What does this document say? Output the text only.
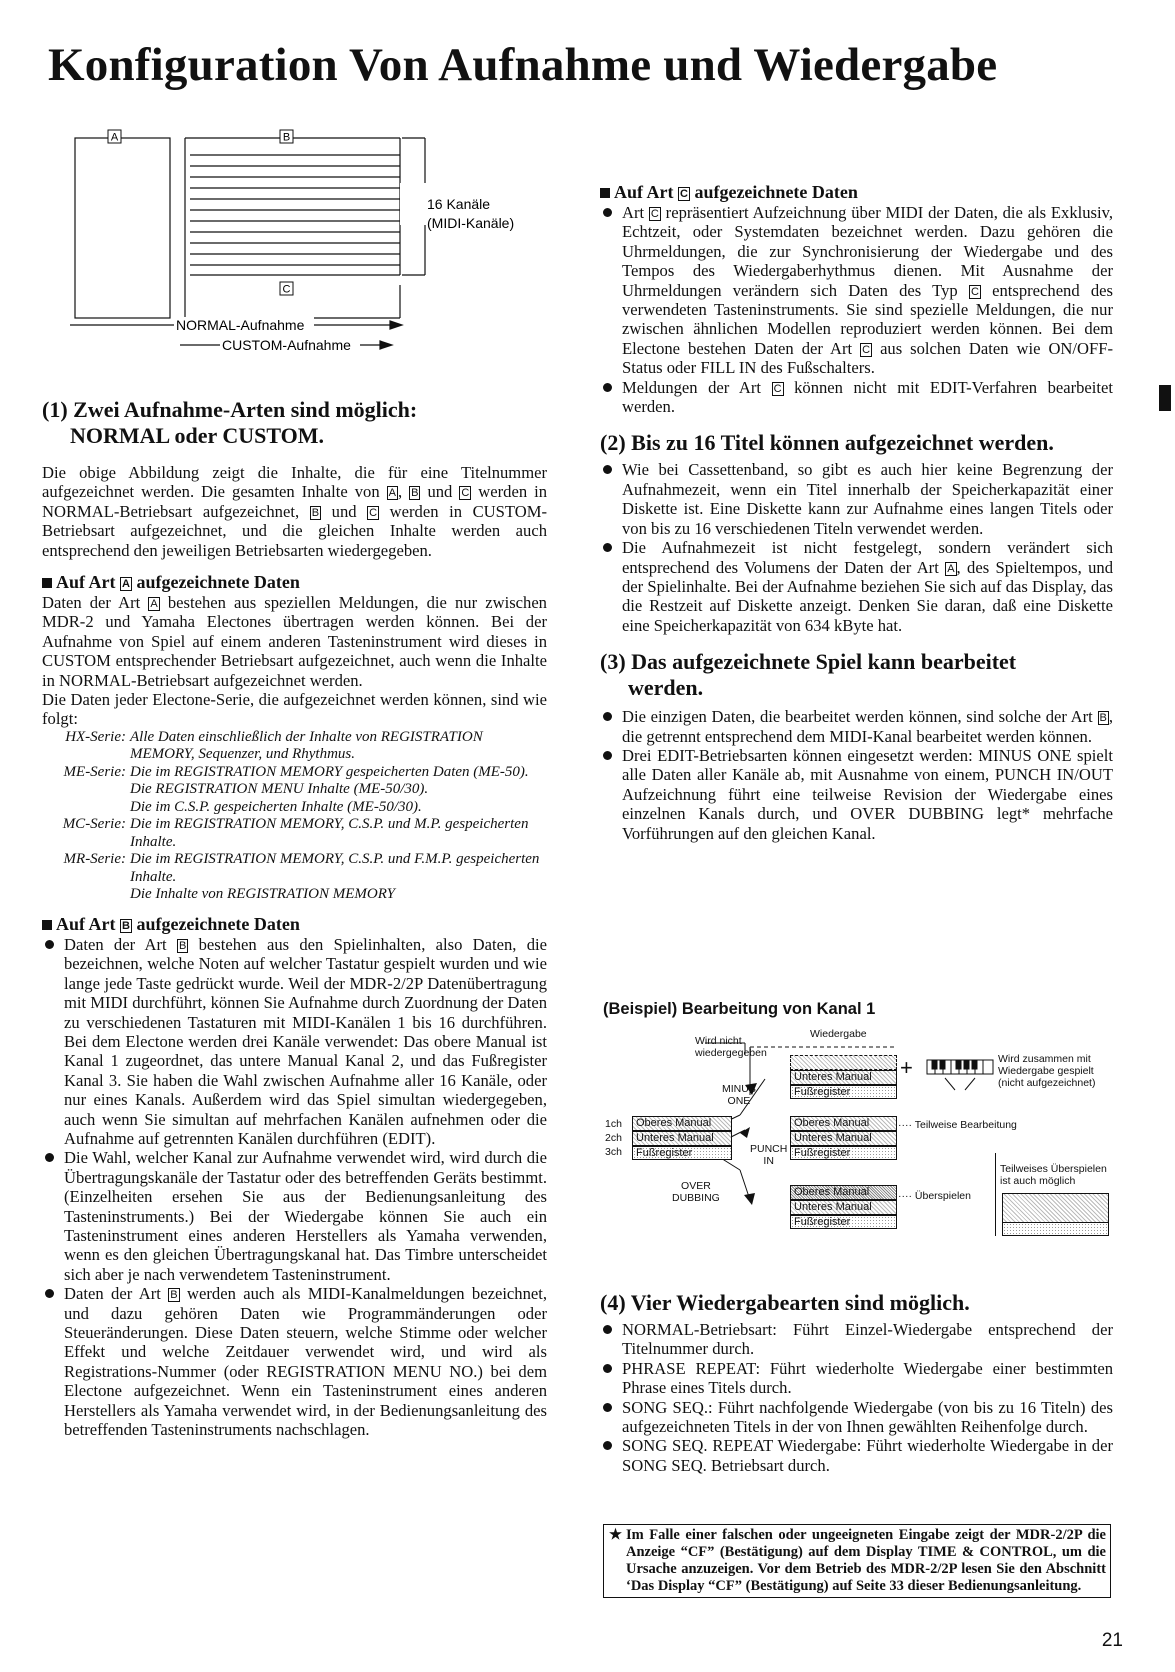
Konfiguration Von Aufnahme und Wiedergabe
A	B
C
16 Kanäle
(MIDI-Kanäle)
NORMAL-Aufnahme
CUSTOM-Aufnahme
(1) Zwei Aufnahme-Arten sind möglich:
NORMAL oder CUSTOM.

Die obige Abbildung zeigt die Inhalte, die für eine Titelnummer aufgezeichnet werden. Die gesamten Inhalte von A , B und C werden in NORMAL-Betriebsart aufgezeichnet, B und C werden in CUSTOM-Betriebsart aufgezeichnet, und die gleichen Inhalte werden auch entsprechend den jeweiligen Betriebsarten wiedergegeben.

Auf Art A aufgezeichnete Daten

Daten der Art A bestehen aus speziellen Meldungen, die nur zwischen MDR-2 und Yamaha Electones übertragen werden können. Bei der Aufnahme von Spiel auf einem anderen Tasteninstrument wird dieses in CUSTOM entsprechender Betriebsart aufgezeichnet, auch wenn die Inhalte in NORMAL-Betriebsart aufgezeichnet werden.

Die Daten jeder Electone-Serie, die aufgezeichnet werden können, sind wie folgt:

HX-Serie: Alle Daten einschließlich der Inhalte von REGISTRATION MEMORY, Sequenzer, und Rhythmus.
ME-Serie: Die im REGISTRATION MEMORY gespeicherten Daten (ME-50).
Die REGISTRATION MENU Inhalte (ME-50/30).
Die im C.S.P. gespeicherten Inhalte (ME-50/30).
MC-Serie: Die im REGISTRATION MEMORY, C.S.P. und M.P. gespeicherten Inhalte.
MR-Serie: Die im REGISTRATION MEMORY, C.S.P. und F.M.P. gespeicherten Inhalte.
Die Inhalte von REGISTRATION MEMORY
Auf Art B aufgezeichnete Daten
Daten der Art B bestehen aus den Spielinhalten, also Daten, die bezeichnen, welche Noten auf welcher Tastatur gespielt wurden und wie lange jede Taste gedrückt wurde. Weil der MDR-2/2P Datenübertragung mit MIDI durchführt, können Sie Aufnahme durch Zuordnung der Daten zu verschiedenen Tastaturen mit MIDI-Kanälen 1 bis 16 durchführen. Bei dem Electone werden drei Kanäle verwendet: Das obere Manual ist Kanal 1 zugeordnet, das untere Manual Kanal 2, und das Fußregister Kanal 3. Sie haben die Wahl zwischen Aufnahme aller 16 Kanäle, oder nur eines Kanals. Außerdem wird das Spiel simultan wiedergegeben, auch wenn Sie simultan auf mehrfachen Kanälen aufnehmen oder die Aufnahme auf getrennten Kanälen durchführen (EDIT).
Die Wahl, welcher Kanal zur Aufnahme verwendet wird, wird durch die Übertragungskanäle der Tastatur oder des betreffenden Geräts bestimmt. (Einzelheiten ersehen Sie aus der Bedienungsanleitung des Tasteninstruments.) Bei der Wiedergabe können Sie auch ein Tasteninstrument eines anderen Herstellers als Yamaha verwenden, wenn es den gleichen Übertragungskanal hat. Das Timbre unterscheidet sich aber je nach verwendetem Tasteninstrument.
Daten der Art B werden auch als MIDI-Kanalmeldungen bezeichnet, und dazu gehören Daten wie Programmänderungen oder Steueränderungen. Diese Daten steuern, welche Stimme oder welcher Effekt und welche Zeitdauer verwendet wird, und wird als Registrations-Nummer (oder REGISTRATION MENU NO.) bei dem Electone aufgezeichnet. Wenn ein Tasteninstrument eines anderen Herstellers als Yamaha verwendet wird, in der Bedienungsanleitung des betreffenden Tasteninstruments nachschlagen.
Auf Art C aufgezeichnete Daten
Art C repräsentiert Aufzeichnung über MIDI der Daten, die als Exklusiv, Echtzeit, oder Systemdaten bezeichnet werden. Dazu gehören die Uhrmeldungen, die zur Synchronisierung der Wiedergabe und des Tempos des Wiedergaberhythmus dienen. Mit Ausnahme der Uhrmeldungen verändern sich Daten des Typ C entsprechend des verwendeten Tasteninstruments. Sie sind spezielle Meldungen, die nur zwischen ähnlichen Modellen reproduziert werden können. Bei dem Electone bestehen Daten der Art C aus solchen Daten wie ON/OFF-Status oder FILL IN des Fußschalters.
Meldungen der Art C können nicht mit EDIT-Verfahren bearbeitet werden.
(2) Bis zu 16 Titel können aufgezeichnet werden.
Wie bei Cassettenband, so gibt es auch hier keine Begrenzung der Aufnahmezeit, wenn ein Titel innerhalb der Speicherkapazität einer Diskette ist. Eine Diskette kann zur Aufnahme eines langen Titels oder von bis zu 16 verschiedenen Titeln verwendet werden.
Die Aufnahmezeit ist nicht festgelegt, sondern verändert sich entsprechend des Volumens der Daten der Art A , des Spieltempos, und der Spielinhalte. Bei der Aufnahme beziehen Sie sich auf das Display, das die Restzeit auf Diskette anzeigt. Denken Sie daran, daß eine Diskette eine Speicherkapazität von 634 kByte hat.
(3) Das aufgezeichnete Spiel kann bearbeitet
werden.
Die einzigen Daten, die bearbeitet werden können, sind solche der Art B , die getrennt entsprechend dem MIDI-Kanal bearbeitet werden können.
Drei EDIT-Betriebsarten können eingesetzt werden: MINUS ONE spielt alle Daten aller Kanäle ab, mit Ausnahme von einem, PUNCH IN/OUT Aufzeichnung führt eine teilweise Revision der Wiedergabe eines einzelnen Kanals durch, und OVER DUBBING legt* mehrfache Vorführungen auf den gleichen Kanal.
(Beispiel) Bearbeitung von Kanal 1
Wird nicht
wiedergegeben
Wiedergabe

Unteres Manual
Fußregister
+	Wird zusammen mit
Wiedergabe gespielt
(nicht aufgezeichnet)
MINUS
ONE
1ch
2ch
3ch
Oberes Manual
Unteres Manual
Fußregister
Oberes Manual
Unteres Manual
Fußregister
···· Teilweise Bearbeitung
PUNCH
IN
Teilweises Überspielen
ist auch möglich
OVER
DUBBING	Oberes Manual
Unteres Manual
Fußregister
···· Überspielen
(4) Vier Wiedergabearten sind möglich.
NORMAL-Betriebsart: Führt Einzel-Wiedergabe entsprechend der Titelnummer durch.
PHRASE REPEAT: Führt wiederholte Wiedergabe einer bestimmten Phrase eines Titels durch.
SONG SEQ.: Führt nachfolgende Wiedergabe (von bis zu 16 Titeln) des aufgezeichneten Titels in der von Ihnen gewählten Reihenfolge durch.
SONG SEQ. REPEAT Wiedergabe: Führt wiederholte Wiedergabe in der SONG SEQ. Betriebsart durch.
★ Im Falle einer falschen oder ungeeigneten Eingabe zeigt der MDR-2/2P die Anzeige “CF” (Bestätigung) auf dem Display TIME & CONTROL, um die Ursache anzuzeigen. Vor dem Betrieb des MDR-2/2P lesen Sie den Abschnitt ‘Das Display “CF” (Bestätigung) auf Seite 33 dieser Bedienungsanleitung.
21
